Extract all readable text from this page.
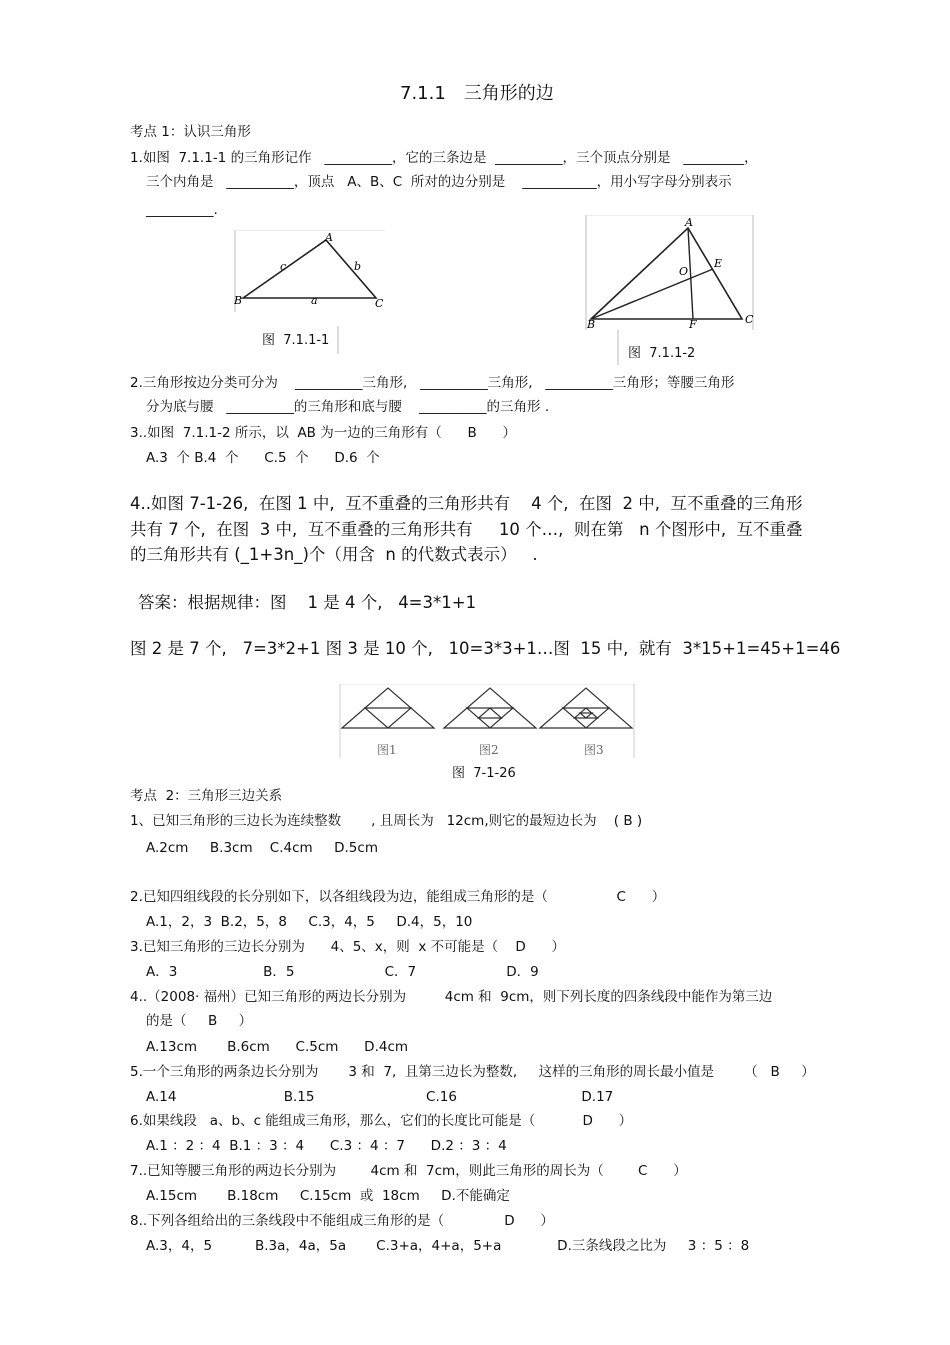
7.1.1　三角形的边
考点 1：认识三角形
1.如图  7.1.1-1 的三角形记作   __________，它的三条边是  __________，三个顶点分别是   _________，
三个内角是   __________，顶点   A、B、C  所对的边分别是    ___________，用小写字母分别表示
__________.
A
B	C
a
b
c
图  7.1.1-1
A
B	C
E
F
O
图  7.1.1-2
2.三角形按边分类可分为    __________三角形,   __________三角形,   __________三角形；等腰三角形
分为底与腰   __________的三角形和底与腰    __________的三角形 .
3..如图  7.1.1-2 所示，以  AB 为一边的三角形有（      B      ）
A.3  个 B.4  个      C.5  个      D.6  个
4..如图 7-1-26,  在图 1 中,  互不重叠的三角形共有    4 个,  在图  2 中,  互不重叠的三角形
共有 7 个,  在图  3 中,  互不重叠的三角形共有     10 个…,  则在第   n 个图形中,  互不重叠
的三角形共有 (_1+3n_)个（用含  n 的代数式表示）   .
答案：根据规律：图    1 是 4 个,   4=3*1+1
图 2 是 7 个,   7=3*2+1 图 3 是 10 个,   10=3*3+1…图  15 中,  就有  3*15+1=45+1=46
图1	图2	图3
图  7-1-26
考点  2：三角形三边关系
1、已知三角形的三边长为连续整数       , 且周长为   12cm,则它的最短边长为    ( B )
A.2cm     B.3cm    C.4cm     D.5cm
2.已知四组线段的长分别如下，以各组线段为边，能组成三角形的是（                C      ）
A.1，2，3  B.2，5，8     C.3，4，5     D.4，5，10
3.已知三角形的三边长分别为      4、5、x，则  x 不可能是（    D      ）
A．3                    B．5                     C．7                     D．9
4..（2008· 福州）已知三角形的两边长分别为         4cm 和  9cm，则下列长度的四条线段中能作为第三边
的是（     B     ）
A.13cm       B.6cm      C.5cm      D.4cm
5.一个三角形的两条边长分别为       3 和  7,  且第三边长为整数,     这样的三角形的周长最小值是       （   B     ）
A.14                         B.15                          C.16                             D.17
6.如果线段   a、b、c 能组成三角形，那么，它们的长度比可能是（           D      ）
A.1 ：2 ：4  B.1 ：3 ：4      C.3 ：4 ：7      D.2 ：3 ：4
7..已知等腰三角形的两边长分别为        4cm 和  7cm，则此三角形的周长为（        C      ）
A.15cm       B.18cm     C.15cm  或  18cm     D.不能确定
8..下列各组给出的三条线段中不能组成三角形的是（              D      ）
A.3，4，5          B.3a，4a，5a       C.3+a，4+a，5+a             D.三条线段之比为     3 ：5 ：8
